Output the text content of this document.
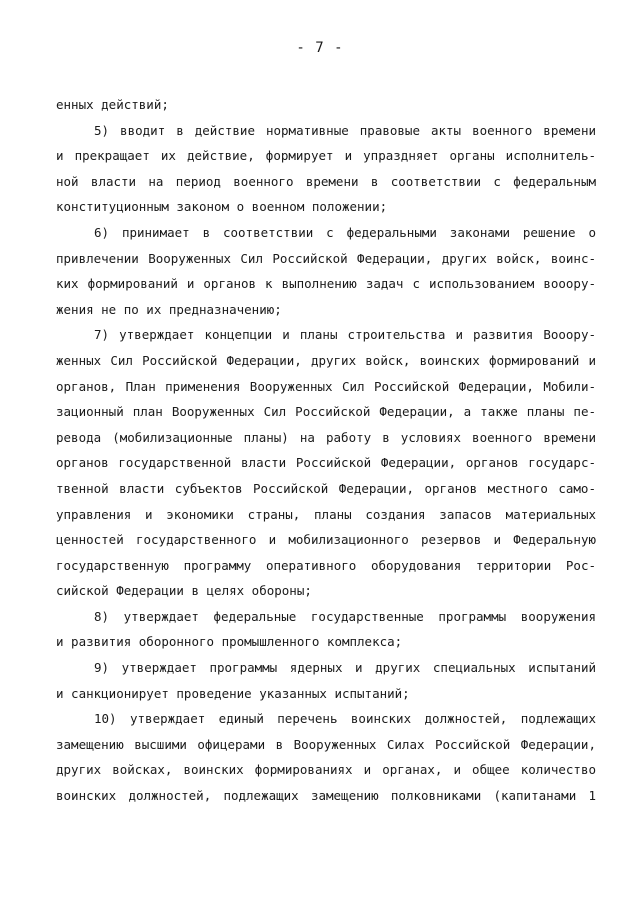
- 7 -
енных действий;
5) вводит в действие нормативные правовые акты военного времени
и прекращает их действие, формирует и упраздняет органы исполнитель-
ной власти на период военного времени в соответствии с федеральным
конституционным законом о военном положении;
6) принимает в соответствии с федеральными законами решение о
привлечении Вооруженных Сил Российской Федерации, других войск, воинс-
ких формирований и органов к выполнению задач с использованием вооору-
жения не по их предназначению;
7) утверждает концепции и планы строительства и развития Вооору-
женных Сил Российской Федерации, других войск, воинских формирований и
органов, План применения Вооруженных Сил Российской Федерации, Мобили-
зационный план Вооруженных Сил Российской Федерации, а также планы пе-
ревода (мобилизационные планы) на работу в условиях военного времени
органов государственной власти Российской Федерации, органов государс-
твенной власти субъектов Российской Федерации, органов местного само-
управления и экономики страны, планы создания запасов материальных
ценностей государственного и мобилизационного резервов и Федеральную
государственную программу оперативного оборудования территории Рос-
сийской Федерации в целях обороны;
8) утверждает федеральные государственные программы вооружения
и развития оборонного промышленного комплекса;
9) утверждает программы ядерных и других специальных испытаний
и санкционирует проведение указанных испытаний;
10) утверждает единый перечень воинских должностей, подлежащих
замещению высшими офицерами в Вооруженных Силах Российской Федерации,
других войсках, воинских формированиях и органах, и общее количество
воинских должностей, подлежащих замещению полковниками (капитанами 1
